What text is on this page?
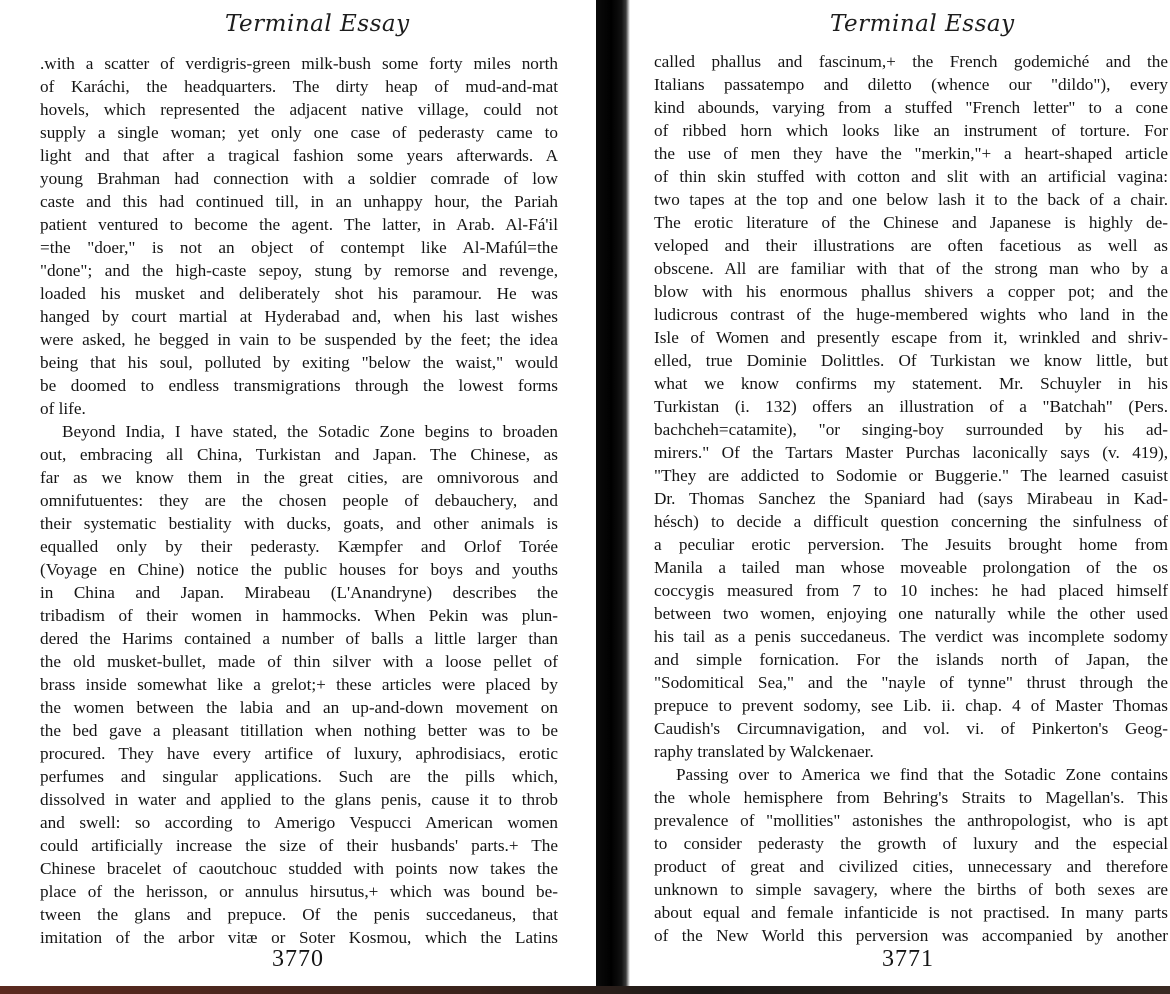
Terminal Essay
.with a scatter of verdigris-green milk-bush some forty miles north
of Karáchi, the headquarters. The dirty heap of mud-and-mat
hovels, which represented the adjacent native village, could not
supply a single woman; yet only one case of pederasty came to
light and that after a tragical fashion some years afterwards. A
young Brahman had connection with a soldier comrade of low
caste and this had continued till, in an unhappy hour, the Pariah
patient ventured to become the agent. The latter, in Arab. Al-Fá'il
=the "doer," is not an object of contempt like Al-Mafúl=the
"done"; and the high-caste sepoy, stung by remorse and revenge,
loaded his musket and deliberately shot his paramour. He was
hanged by court martial at Hyderabad and, when his last wishes
were asked, he begged in vain to be suspended by the feet; the idea
being that his soul, polluted by exiting "below the waist," would
be doomed to endless transmigrations through the lowest forms
of life.
Beyond India, I have stated, the Sotadic Zone begins to broaden
out, embracing all China, Turkistan and Japan. The Chinese, as
far as we know them in the great cities, are omnivorous and
omnifutuentes: they are the chosen people of debauchery, and
their systematic bestiality with ducks, goats, and other animals is
equalled only by their pederasty. Kæmpfer and Orlof Torée
(Voyage en Chine) notice the public houses for boys and youths
in China and Japan. Mirabeau (L'Anandryne) describes the
tribadism of their women in hammocks. When Pekin was plun-
dered the Harims contained a number of balls a little larger than
the old musket-bullet, made of thin silver with a loose pellet of
brass inside somewhat like a grelot;+ these articles were placed by
the women between the labia and an up-and-down movement on
the bed gave a pleasant titillation when nothing better was to be
procured. They have every artifice of luxury, aphrodisiacs, erotic
perfumes and singular applications. Such are the pills which,
dissolved in water and applied to the glans penis, cause it to throb
and swell: so according to Amerigo Vespucci American women
could artificially increase the size of their husbands' parts.+ The
Chinese bracelet of caoutchouc studded with points now takes the
place of the herisson, or annulus hirsutus,+ which was bound be-
tween the glans and prepuce. Of the penis succedaneus, that
imitation of the arbor vitæ or Soter Kosmou, which the Latins
3770
Terminal Essay
called phallus and fascinum,+ the French godemiché and the
Italians passatempo and diletto (whence our "dildo"), every
kind abounds, varying from a stuffed "French letter" to a cone
of ribbed horn which looks like an instrument of torture. For
the use of men they have the "merkin,"+ a heart-shaped article
of thin skin stuffed with cotton and slit with an artificial vagina:
two tapes at the top and one below lash it to the back of a chair.
The erotic literature of the Chinese and Japanese is highly de-
veloped and their illustrations are often facetious as well as
obscene. All are familiar with that of the strong man who by a
blow with his enormous phallus shivers a copper pot; and the
ludicrous contrast of the huge-membered wights who land in the
Isle of Women and presently escape from it, wrinkled and shriv-
elled, true Dominie Dolittles. Of Turkistan we know little, but
what we know confirms my statement. Mr. Schuyler in his
Turkistan (i. 132) offers an illustration of a "Batchah" (Pers.
bachcheh=catamite), "or singing-boy surrounded by his ad-
mirers." Of the Tartars Master Purchas laconically says (v. 419),
"They are addicted to Sodomie or Buggerie." The learned casuist
Dr. Thomas Sanchez the Spaniard had (says Mirabeau in Kad-
hésch) to decide a difficult question concerning the sinfulness of
a peculiar erotic perversion. The Jesuits brought home from
Manila a tailed man whose moveable prolongation of the os
coccygis measured from 7 to 10 inches: he had placed himself
between two women, enjoying one naturally while the other used
his tail as a penis succedaneus. The verdict was incomplete sodomy
and simple fornication. For the islands north of Japan, the
"Sodomitical Sea," and the "nayle of tynne" thrust through the
prepuce to prevent sodomy, see Lib. ii. chap. 4 of Master Thomas
Caudish's Circumnavigation, and vol. vi. of Pinkerton's Geog-
raphy translated by Walckenaer.
Passing over to America we find that the Sotadic Zone contains
the whole hemisphere from Behring's Straits to Magellan's. This
prevalence of "mollities" astonishes the anthropologist, who is apt
to consider pederasty the growth of luxury and the especial
product of great and civilized cities, unnecessary and therefore
unknown to simple savagery, where the births of both sexes are
about equal and female infanticide is not practised. In many parts
of the New World this perversion was accompanied by another
3771
